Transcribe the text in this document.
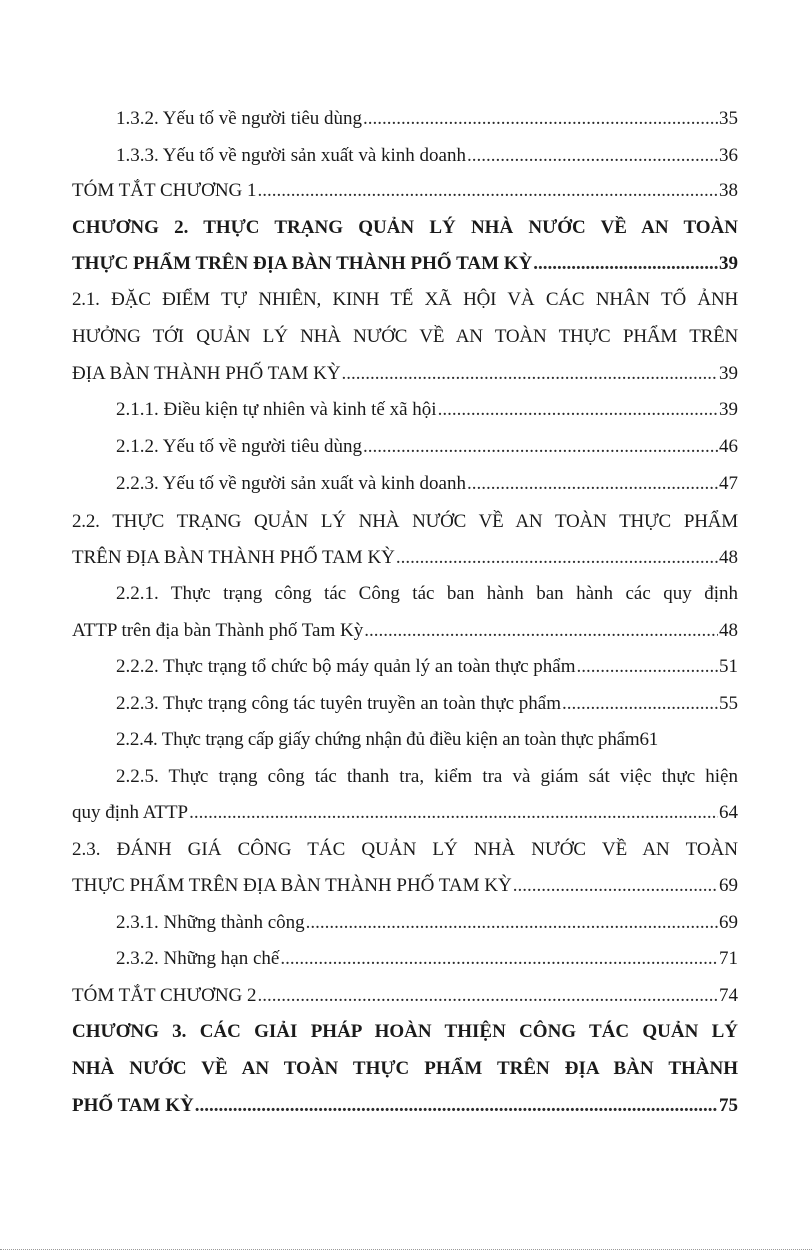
1.3.2. Yếu tố về người tiêu dùng .....	35
1.3.3. Yếu tố về người sản xuất và kinh doanh .....	36
TÓM TẮT CHƯƠNG 1 .....	38
CHƯƠNG 2. THỰC TRẠNG QUẢN LÝ NHÀ NƯỚC VỀ AN TOÀN
THỰC PHẨM TRÊN ĐỊA BÀN THÀNH PHỐ TAM KỲ .....	39
2.1. ĐẶC ĐIỂM TỰ NHIÊN, KINH TẾ XÃ HỘI VÀ CÁC NHÂN TỐ ẢNH
HƯỞNG TỚI QUẢN LÝ NHÀ NƯỚC VỀ AN TOÀN THỰC PHẨM TRÊN
ĐỊA BÀN THÀNH PHỐ TAM KỲ .....	39
2.1.1. Điều kiện tự nhiên và kinh tế xã hội .....	39
2.1.2. Yếu tố về người tiêu dùng .....	46
2.2.3. Yếu tố về người sản xuất và kinh doanh .....	47
2.2. THỰC TRẠNG QUẢN LÝ NHÀ NƯỚC VỀ AN TOÀN THỰC PHẨM
TRÊN ĐỊA BÀN THÀNH PHỐ TAM KỲ .....	48
2.2.1. Thực trạng công tác Công tác ban hành ban hành các quy định
ATTP trên địa bàn Thành phố Tam Kỳ .....	48
2.2.2. Thực trạng tổ chức bộ máy quản lý an toàn thực phẩm .....	51
2.2.3. Thực trạng công tác tuyên truyền an toàn thực phẩm .....	55
2.2.4. Thực trạng cấp giấy chứng nhận đủ điều kiện an toàn thực phẩm61
2.2.5. Thực trạng công tác thanh tra, kiểm tra và giám sát việc thực hiện
quy định ATTP .....	64
2.3. ĐÁNH GIÁ CÔNG TÁC QUẢN LÝ NHÀ NƯỚC VỀ AN TOÀN
THỰC PHẨM TRÊN ĐỊA BÀN THÀNH PHỐ TAM KỲ .....	69
2.3.1. Những thành công .....	69
2.3.2. Những hạn chế .....	71
TÓM TẮT CHƯƠNG 2 .....	74
CHƯƠNG 3. CÁC GIẢI PHÁP HOÀN THIỆN CÔNG TÁC QUẢN LÝ
NHÀ NƯỚC VỀ AN TOÀN THỰC PHẨM TRÊN ĐỊA BÀN THÀNH
PHỐ TAM KỲ .....	75
